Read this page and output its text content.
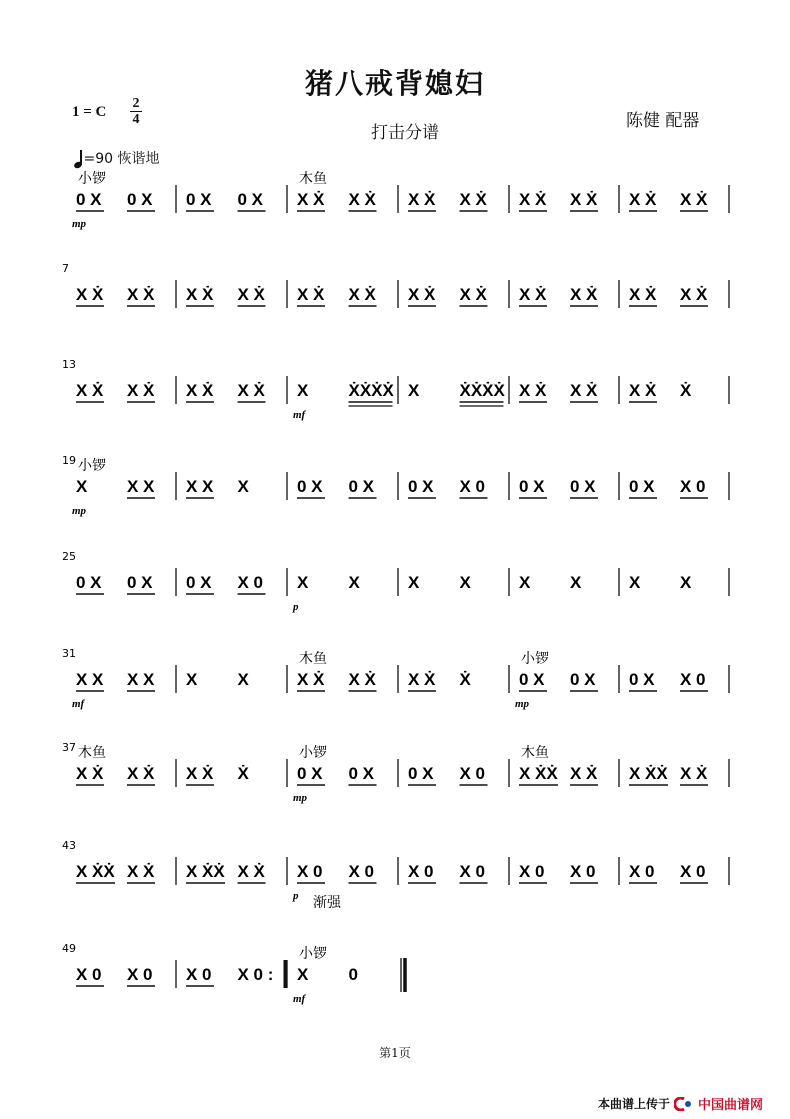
猪八戒背媳妇
打击分谱
1 = C
2
4	陈健 配器
=90 恢谐地
0 X 0 X 0 X 0 X X Ẋ X Ẋ X Ẋ X Ẋ X Ẋ X Ẋ X Ẋ X Ẋ
小锣
mp
木鱼
7
X Ẋ X Ẋ X Ẋ X Ẋ X Ẋ X Ẋ X Ẋ X Ẋ X Ẋ X Ẋ X Ẋ X Ẋ
13
X Ẋ X Ẋ X Ẋ X Ẋ X ẊẊẊẊ X ẊẊẊẊ X Ẋ X Ẋ X Ẋ Ẋ
mf
19
X X X X X X	0 X 0 X 0 X X 0 0 X 0 X 0 X X 0
小锣
mp
25
0 X 0 X 0 X X 0 X X	X X	X X	X X
p
31
X X X X X X	X Ẋ X Ẋ X Ẋ Ẋ	0 X 0 X 0 X X 0
mf
木鱼	小锣
mp
37
X Ẋ X Ẋ X Ẋ Ẋ	0 X 0 X 0 X X 0 X ẊẊ X Ẋ X ẊẊ X Ẋ
木鱼	小锣
mp
木鱼
43
X ẊẊ X Ẋ X ẊẊ X Ẋ X 0 X 0 X 0 X 0 X 0 X 0 X 0 X 0
p 渐强
49
X 0 X 0 X 0 X 0 : X 0
小锣
mf
第1页
本曲谱上传于 中国曲谱网
